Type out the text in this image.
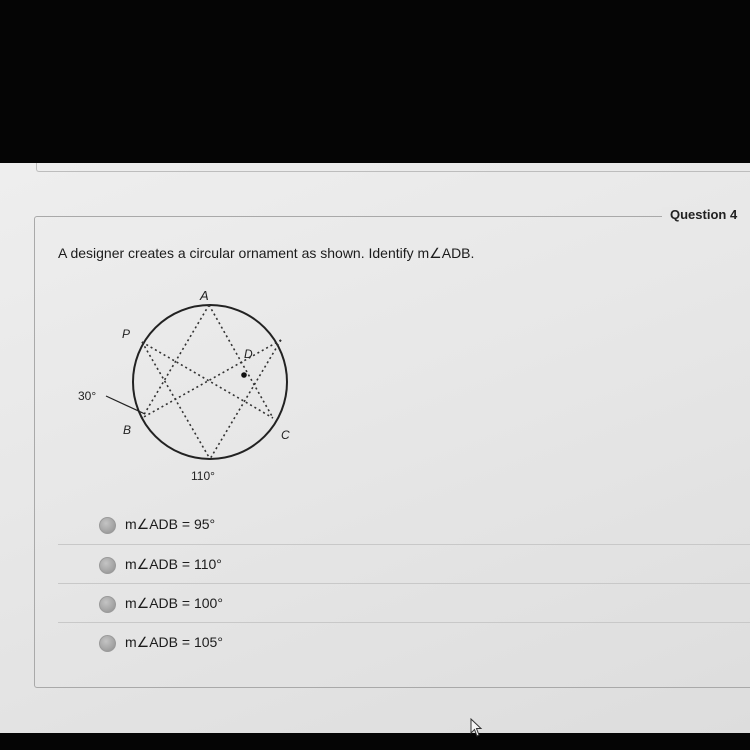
Question 4
A designer creates a circular ornament as shown. Identify m∠ADB.
A
P
D
B	C
30°
110°
m∠ADB = 95°
m∠ADB = 110°
m∠ADB = 100°
m∠ADB = 105°
